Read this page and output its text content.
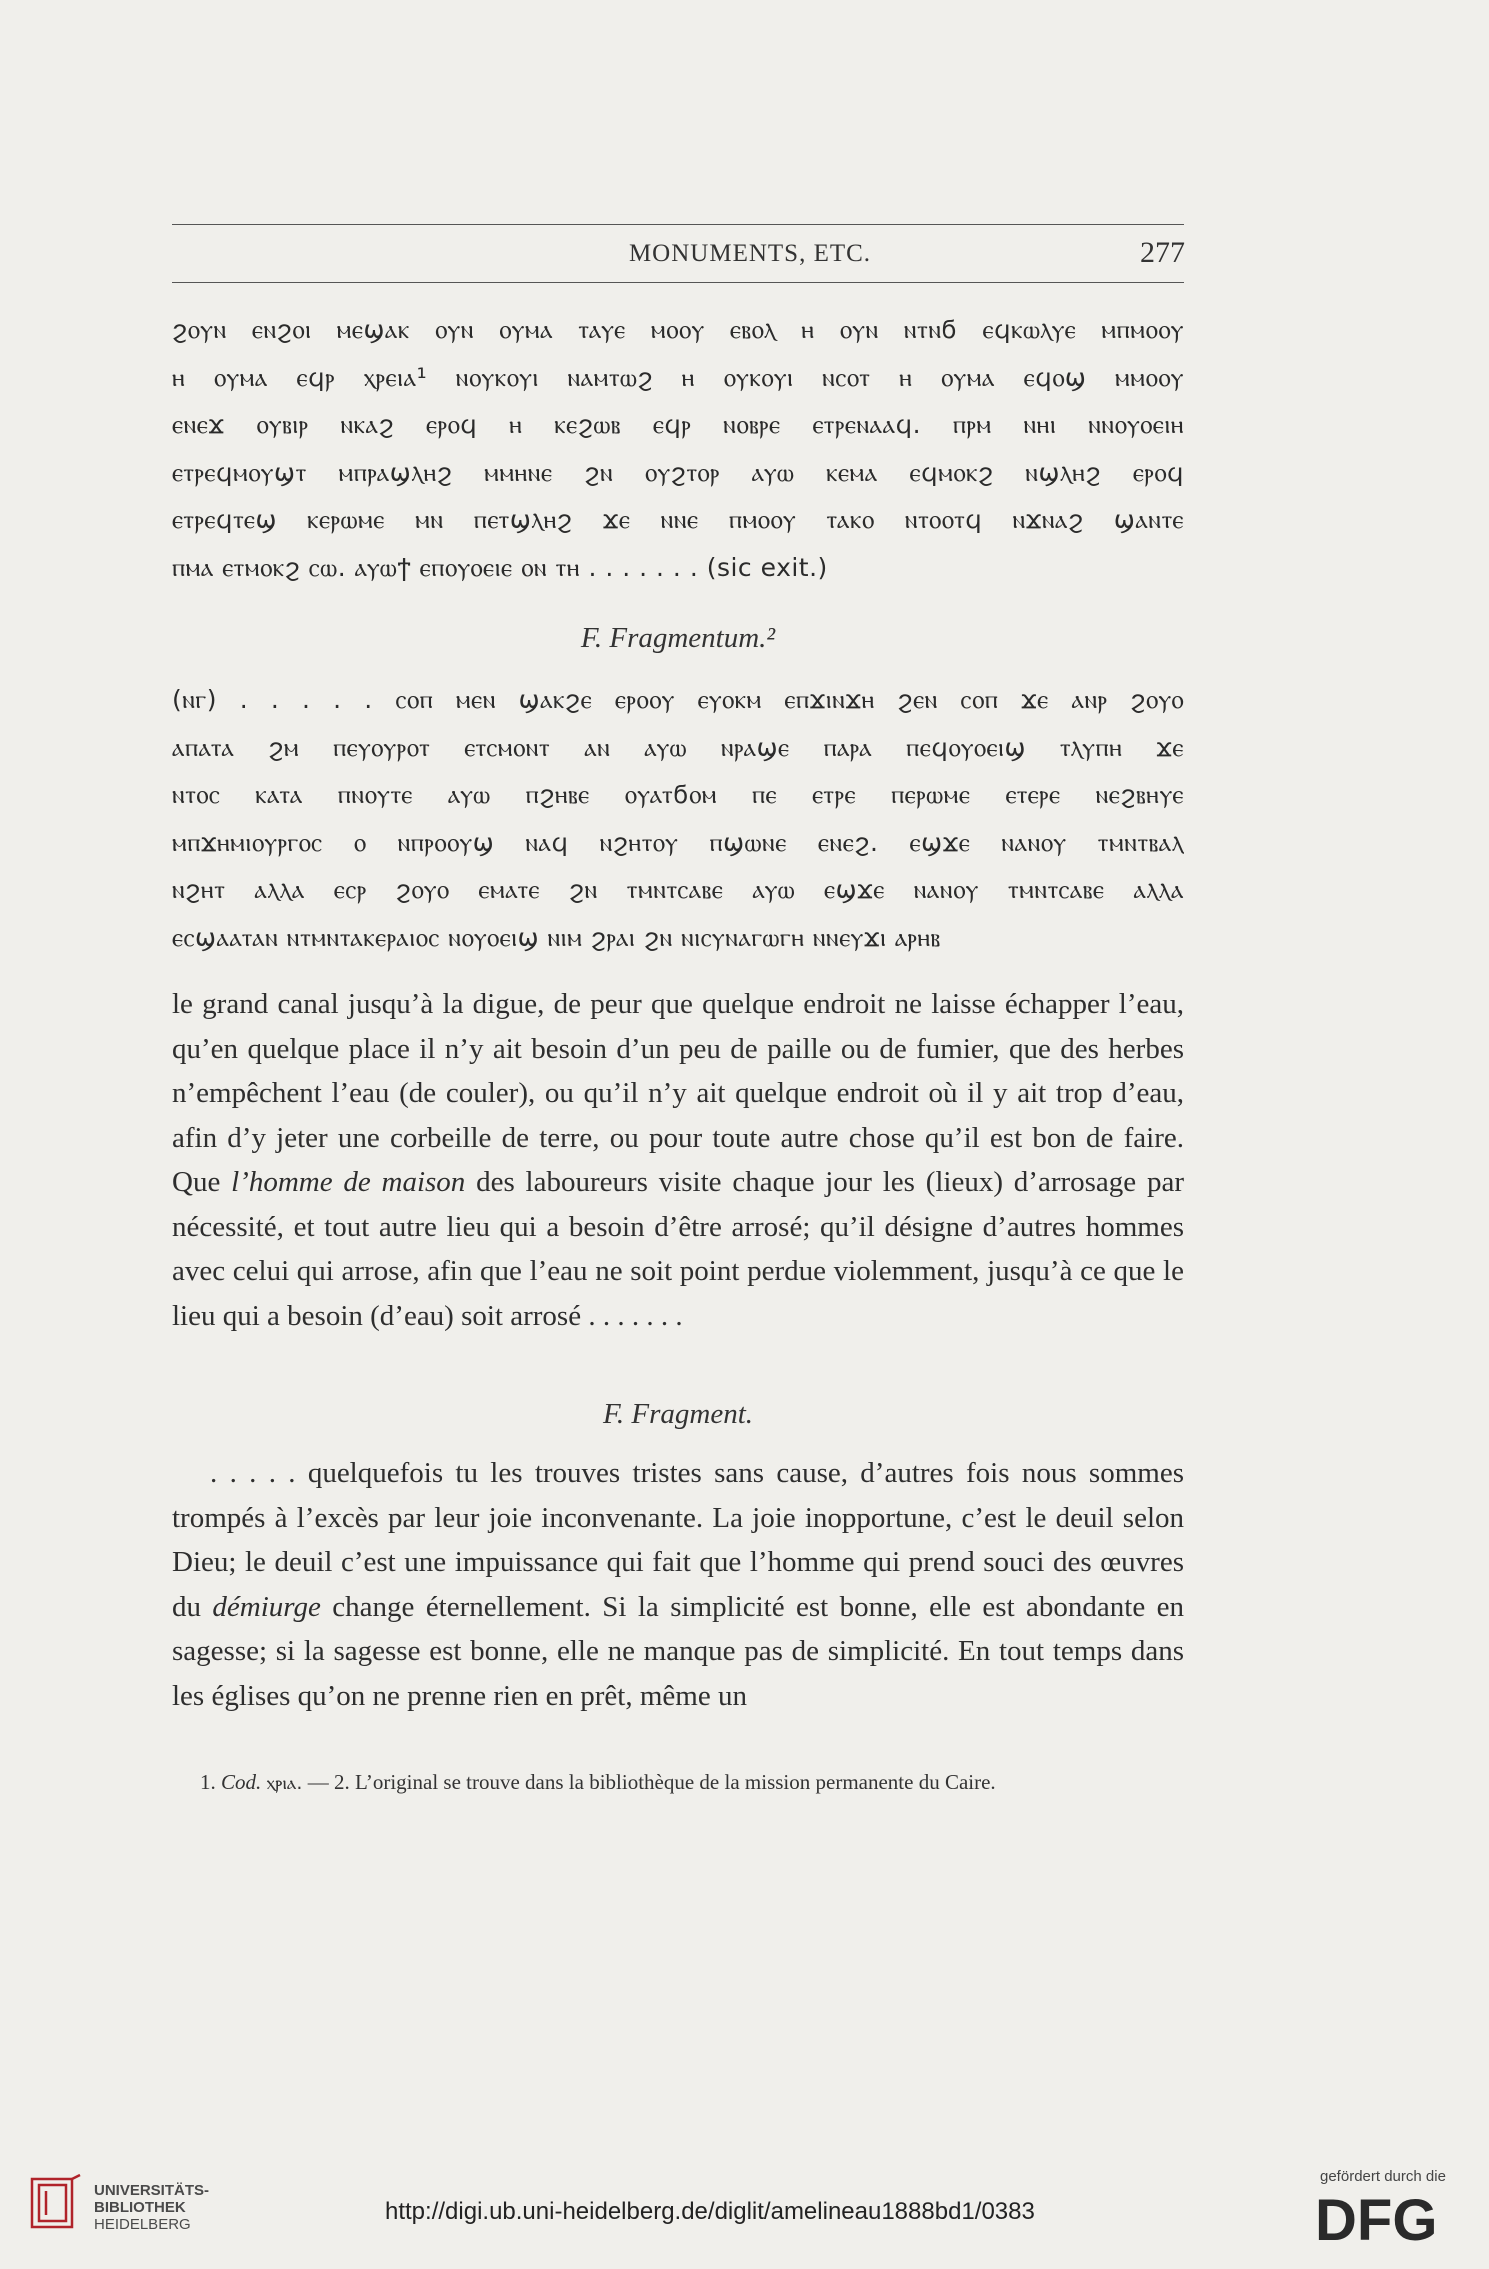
MONUMENTS, ETC.	277
ϩⲟⲩⲛ ⲉⲛϩⲟⲓ ⲙⲉϣⲁⲕ ⲟⲩⲛ ⲟⲩⲙⲁ ⲧⲁⲩⲉ ⲙⲟⲟⲩ ⲉⲃⲟⲗ ⲏ ⲟⲩⲛ ⲛⲧⲛϭ ⲉϥⲕⲱⲗⲩⲉ ⲙⲡⲙⲟⲟⲩ
ⲏ ⲟⲩⲙⲁ ⲉϥⲣ ⲭⲣⲉⲓⲁ¹ ⲛⲟⲩⲕⲟⲩⲓ ⲛⲁⲙⲧⲱϩ ⲏ ⲟⲩⲕⲟⲩⲓ ⲛⲥⲟⲧ ⲏ ⲟⲩⲙⲁ ⲉϥⲟϣ ⲙⲙⲟⲟⲩ
ⲉⲛⲉϫ ⲟⲩⲃⲓⲣ ⲛⲕⲁϩ ⲉⲣⲟϥ ⲏ ⲕⲉϩⲱⲃ ⲉϥⲣ ⲛⲟⲃⲣⲉ ⲉⲧⲣⲉⲛⲁⲁϥ. ⲡⲣⲙ ⲛⲏⲓ ⲛⲛⲟⲩⲟⲉⲓⲏ
ⲉⲧⲣⲉϥⲙⲟⲩϣⲧ ⲙⲡⲣⲁϣⲗⲏϩ ⲙⲙⲏⲛⲉ ϩⲛ ⲟⲩϩⲧⲟⲣ ⲁⲩⲱ ⲕⲉⲙⲁ ⲉϥⲙⲟⲕϩ ⲛϣⲗⲏϩ ⲉⲣⲟϥ
ⲉⲧⲣⲉϥⲧⲉϣ ⲕⲉⲣⲱⲙⲉ ⲙⲛ ⲡⲉⲧϣⲗⲏϩ ϫⲉ ⲛⲛⲉ ⲡⲙⲟⲟⲩ ⲧⲁⲕⲟ ⲛⲧⲟⲟⲧϥ ⲛϫⲛⲁϩ ϣⲁⲛⲧⲉ
ⲡⲙⲁ ⲉⲧⲙⲟⲕϩ ⲥⲱ. ⲁⲩⲱϯ ⲉⲡⲟⲩⲟⲉⲓⲉ ⲟⲛ ⲧⲏ . . . . . . . (sic exit.)
F. Fragmentum.²
(ⲛⲅ) . . . . . ⲥⲟⲡ ⲙⲉⲛ ϣⲁⲕϩⲉ ⲉⲣⲟⲟⲩ ⲉⲩⲟⲕⲙ ⲉⲡϫⲓⲛϫⲏ ϩⲉⲛ ⲥⲟⲡ ϫⲉ ⲁⲛⲣ ϩⲟⲩⲟ
ⲁⲡⲁⲧⲁ ϩⲙ ⲡⲉⲩⲟⲩⲣⲟⲧ ⲉⲧⲥⲙⲟⲛⲧ ⲁⲛ ⲁⲩⲱ ⲛⲣⲁϣⲉ ⲡⲁⲣⲁ ⲡⲉϥⲟⲩⲟⲉⲓϣ ⲧⲗⲩⲡⲏ ϫⲉ
ⲛⲧⲟⲥ ⲕⲁⲧⲁ ⲡⲛⲟⲩⲧⲉ ⲁⲩⲱ ⲡϩⲏⲃⲉ ⲟⲩⲁⲧϭⲟⲙ ⲡⲉ ⲉⲧⲣⲉ ⲡⲉⲣⲱⲙⲉ ⲉⲧⲉⲣⲉ ⲛⲉϩⲃⲏⲩⲉ
ⲙⲡϫⲏⲙⲓⲟⲩⲣⲅⲟⲥ ⲟ ⲛⲡⲣⲟⲟⲩϣ ⲛⲁϥ ⲛϩⲏⲧⲟⲩ ⲡϣⲱⲛⲉ ⲉⲛⲉϩ. ⲉϣϫⲉ ⲛⲁⲛⲟⲩ ⲧⲙⲛⲧⲃⲁⲗ
ⲛϩⲏⲧ ⲁⲗⲗⲁ ⲉⲥⲣ ϩⲟⲩⲟ ⲉⲙⲁⲧⲉ ϩⲛ ⲧⲙⲛⲧⲥⲁⲃⲉ ⲁⲩⲱ ⲉϣϫⲉ ⲛⲁⲛⲟⲩ ⲧⲙⲛⲧⲥⲁⲃⲉ ⲁⲗⲗⲁ
ⲉⲥϣⲁⲁⲧⲁⲛ ⲛⲧⲙⲛⲧⲁⲕⲉⲣⲁⲓⲟⲥ ⲛⲟⲩⲟⲉⲓϣ ⲛⲓⲙ ϩⲣⲁⲓ ϩⲛ ⲛⲓⲥⲩⲛⲁⲅⲱⲅⲏ ⲛⲛⲉⲩϫⲓ ⲁⲣⲏⲃ

le grand canal jusqu’à la digue, de peur que quelque endroit ne laisse échapper l’eau, qu’en quelque place il n’y ait besoin d’un peu de paille ou de fumier, que des herbes n’empêchent l’eau (de couler), ou qu’il n’y ait quelque endroit où il y ait trop d’eau, afin d’y jeter une corbeille de terre, ou pour toute autre chose qu’il est bon de faire. Que l’homme de maison des laboureurs visite chaque jour les (lieux) d’arrosage par nécessité, et tout autre lieu qui a besoin d’être arrosé; qu’il désigne d’autres hommes avec celui qui arrose, afin que l’eau ne soit point perdue violemment, jusqu’à ce que le lieu qui a besoin (d’eau) soit arrosé . . . . . . .

F. Fragment.

. . . . . quelquefois tu les trouves tristes sans cause, d’autres fois nous sommes trompés à l’excès par leur joie inconvenante. La joie inopportune, c’est le deuil selon Dieu; le deuil c’est une impuissance qui fait que l’homme qui prend souci des œuvres du démiurge change éternellement. Si la simplicité est bonne, elle est abondante en sagesse; si la sagesse est bonne, elle ne manque pas de simplicité. En tout temps dans les églises qu’on ne prenne rien en prêt, même un

1. Cod. ⲭⲣⲓⲁ. — 2. L’original se trouve dans la bibliothèque de la mission permanente du Caire.
UNIVERSITÄTS-
BIBLIOTHEK
HEIDELBERG	http://digi.ub.uni-heidelberg.de/diglit/amelineau1888bd1/0383
gefördert durch die
DFG
